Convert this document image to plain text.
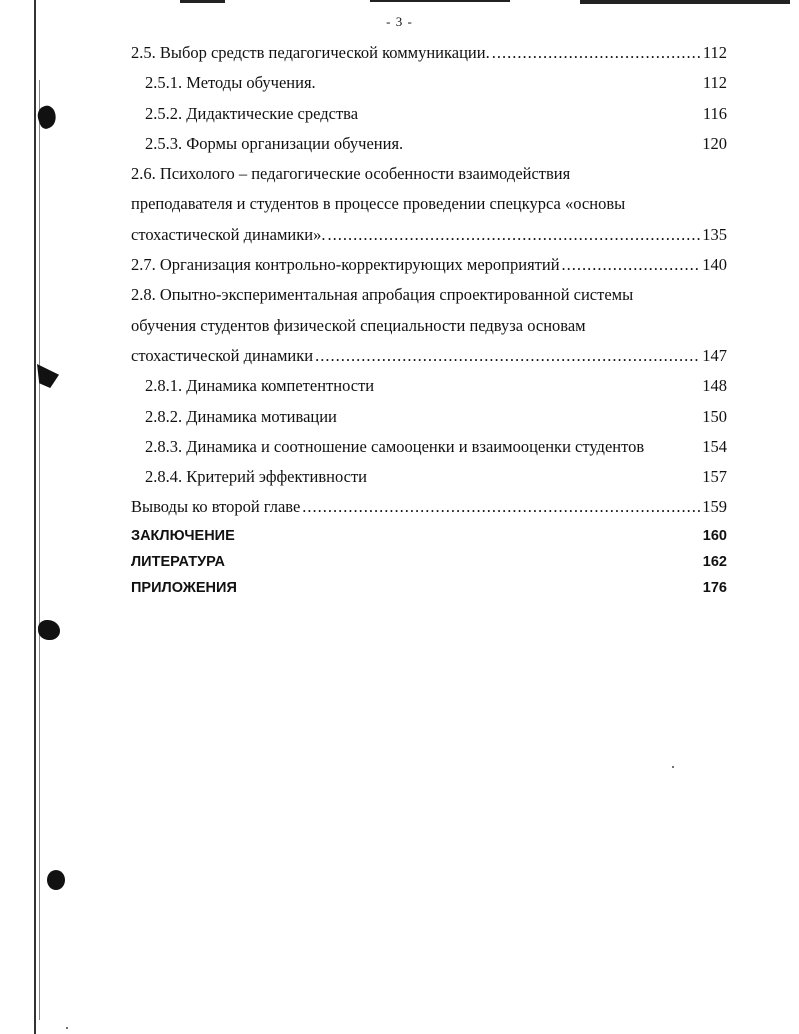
- 3 -
2.5. Выбор средств педагогической коммуникации. .....	112
2.5.1. Методы обучения.	112
2.5.2. Дидактические средства	116
2.5.3. Формы организации обучения.	120
2.6. Психолого – педагогические особенности взаимодействия
преподавателя и студентов в процессе проведении спецкурса «основы
стохастической динамики». .....	135
2.7. Организация контрольно-корректирующих мероприятий .....	140
2.8. Опытно-экспериментальная апробация спроектированной системы
обучения студентов физической специальности педвуза основам
стохастической динамики .....	147
2.8.1. Динамика компетентности	148
2.8.2. Динамика мотивации	150
2.8.3. Динамика и соотношение самооценки и взаимооценки студентов	154
2.8.4. Критерий эффективности	157
Выводы ко второй главе .....	159
ЗАКЛЮЧЕНИЕ	160
ЛИТЕРАТУРА	162
ПРИЛОЖЕНИЯ	176
